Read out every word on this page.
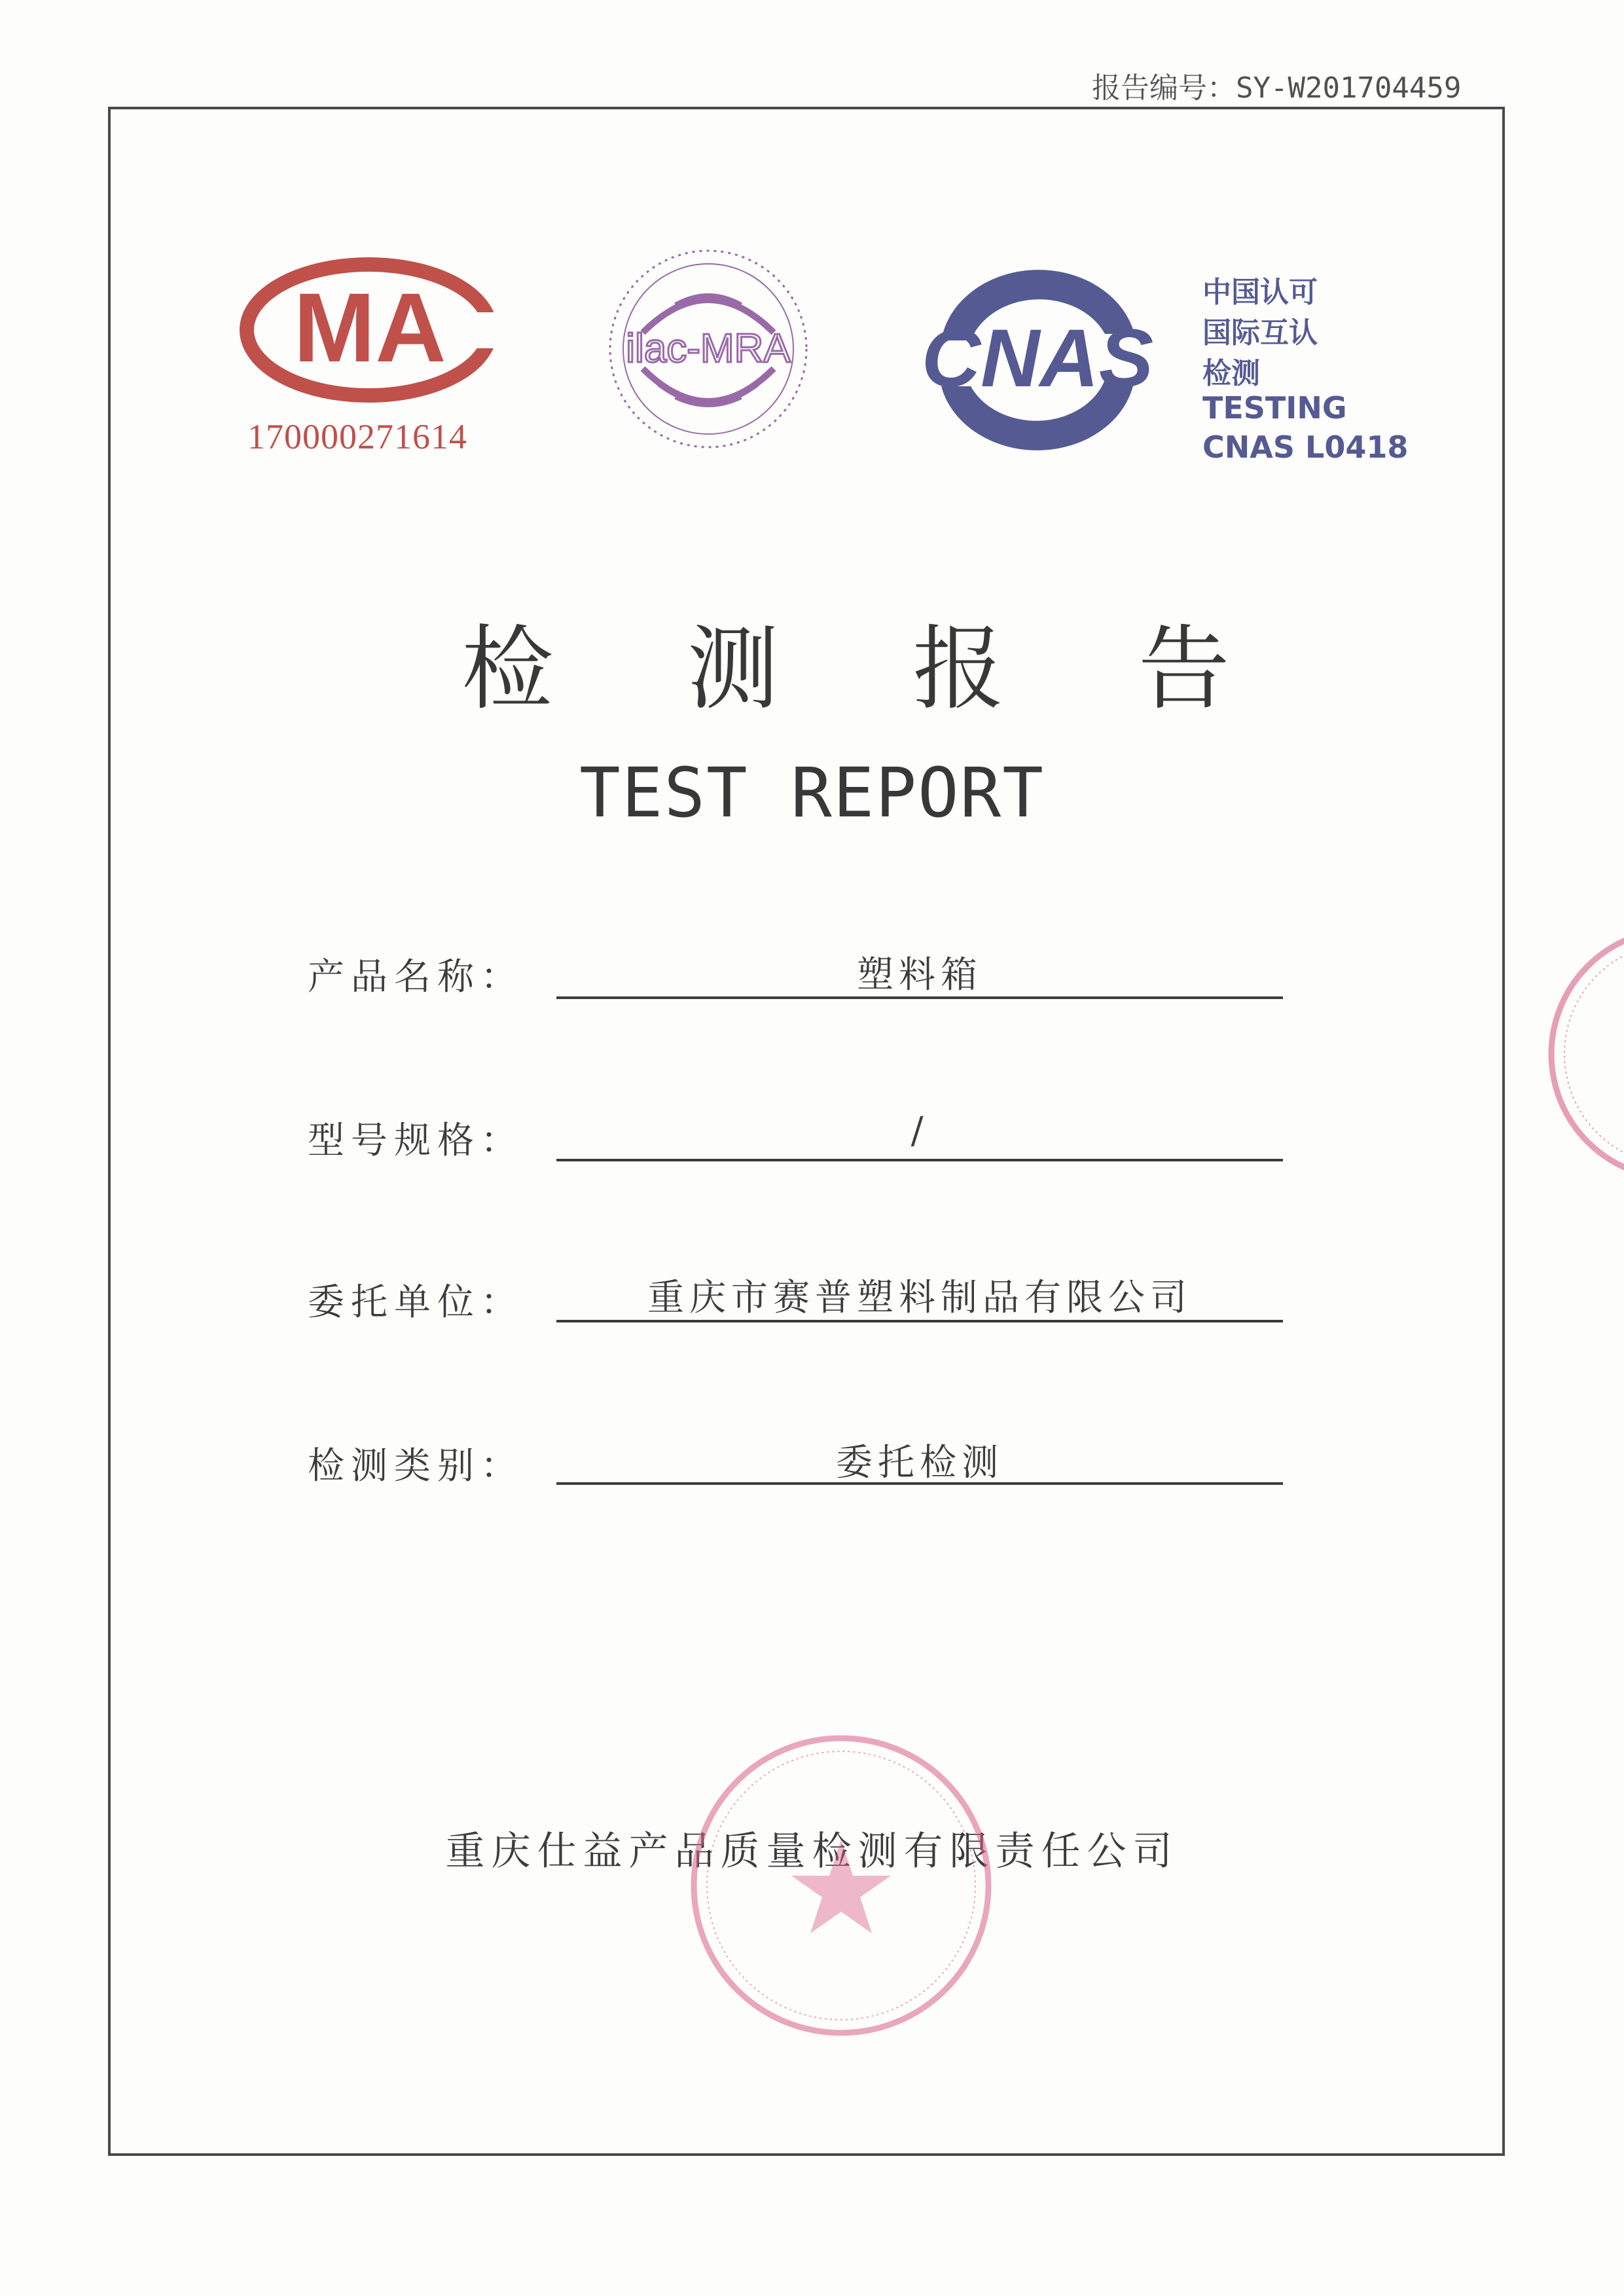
报告编号：SY-W201704459
MA
170000271614
ilac-MRA CNAS
中国认可
国际互认
检测
TESTING
CNAS L0418
检 测 报 告
TEST REPORT
产品名称：	塑料箱
型号规格：	/
委托单位：	重庆市赛普塑料制品有限公司
检测类别：	委托检测
重庆仕益产品质量检测有限责任公司
